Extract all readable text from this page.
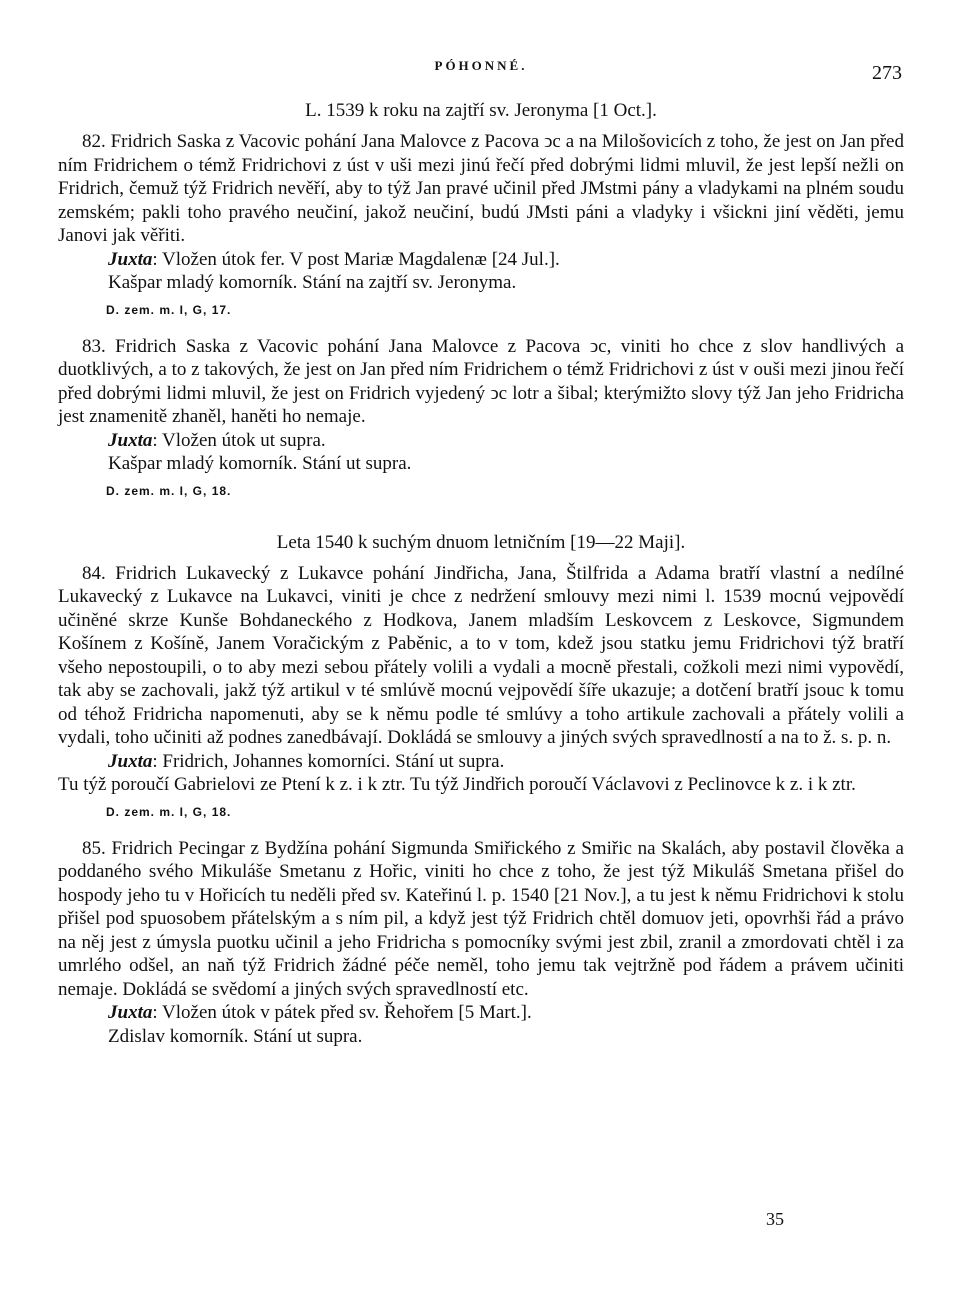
PÓHONNÉ.	273

L. 1539 k roku na zajtří sv. Jeronyma [1 Oct.].

82. Fridrich Saska z Vacovic pohání Jana Malovce z Pacova ↄc a na Milošovicích z toho, že jest on Jan před ním Fridrichem o témž Fridrichovi z úst v uši mezi jinú řečí před dobrými lidmi mluvil, že jest lepší nežli on Fridrich, čemuž týž Fridrich nevěří, aby to týž Jan pravé učinil před JMstmi pány a vladykami na plném soudu zemském; pakli toho pravého neučiní, jakož neučiní, budú JMsti páni a vladyky i všickni jiní věděti, jemu Janovi jak věřiti.

Juxta: Vložen útok fer. V post Mariæ Magdalenæ [24 Jul.].

Kašpar mladý komorník. Stání na zajtří sv. Jeronyma.

D. zem. m. I, G, 17.

83. Fridrich Saska z Vacovic pohání Jana Malovce z Pacova ↄc, viniti ho chce z slov handlivých a duotklivých, a to z takových, že jest on Jan před ním Fridrichem o témž Fridrichovi z úst v ouši mezi jinou řečí před dobrými lidmi mluvil, že jest on Fridrich vyjedený ↄc lotr a šibal; kterýmižto slovy týž Jan jeho Fridricha jest znamenitě zhaněl, haněti ho nemaje.

Juxta: Vložen útok ut supra.

Kašpar mladý komorník. Stání ut supra.

D. zem. m. I, G, 18.

Leta 1540 k suchým dnuom letničním [19—22 Maji].

84. Fridrich Lukavecký z Lukavce pohání Jindřicha, Jana, Štilfrida a Adama bratří vlastní a nedílné Lukavecký z Lukavce na Lukavci, viniti je chce z nedržení smlouvy mezi nimi l. 1539 mocnú vejpovědí učiněné skrze Kunše Bohdaneckého z Hodkova, Janem mladším Leskovcem z Leskovce, Sigmundem Košínem z Košíně, Janem Voračickým z Paběnic, a to v tom, kdež jsou statku jemu Fridrichovi týž bratří všeho nepostoupili, o to aby mezi sebou přátely volili a vydali a mocně přestali, cožkoli mezi nimi vypovědí, tak aby se zachovali, jakž týž artikul v té smlúvě mocnú vejpovědí šíře ukazuje; a dotčení bratří jsouc k tomu od téhož Fridricha napomenuti, aby se k němu podle té smlúvy a toho artikule zachovali a přátely volili a vydali, toho učiniti až podnes zanedbávají. Dokládá se smlouvy a jiných svých spravedlností a na to ž. s. p. n.

Juxta: Fridrich, Johannes komorníci. Stání ut supra.

Tu týž poroučí Gabrielovi ze Ptení k z. i k ztr. Tu týž Jindřich poroučí Václavovi z Peclinovce k z. i k ztr.

D. zem. m. I, G, 18.

85. Fridrich Pecingar z Bydžína pohání Sigmunda Smiřického z Smiřic na Skalách, aby postavil člověka a poddaného svého Mikuláše Smetanu z Hořic, viniti ho chce z toho, že jest týž Mikuláš Smetana přišel do hospody jeho tu v Hořicích tu neděli před sv. Kateřinú l. p. 1540 [21 Nov.], a tu jest k němu Fridrichovi k stolu přišel pod spuosobem přátelským a s ním pil, a když jest týž Fridrich chtěl domuov jeti, opovrhši řád a právo na něj jest z úmysla puotku učinil a jeho Fridricha s pomocníky svými jest zbil, zranil a zmordovati chtěl i za umrlého odšel, an naň týž Fridrich žádné péče neměl, toho jemu tak vejtržně pod řádem a právem učiniti nemaje. Dokládá se svědomí a jiných svých spravedlností etc.

Juxta: Vložen útok v pátek před sv. Řehořem [5 Mart.].

Zdislav komorník. Stání ut supra.

35
